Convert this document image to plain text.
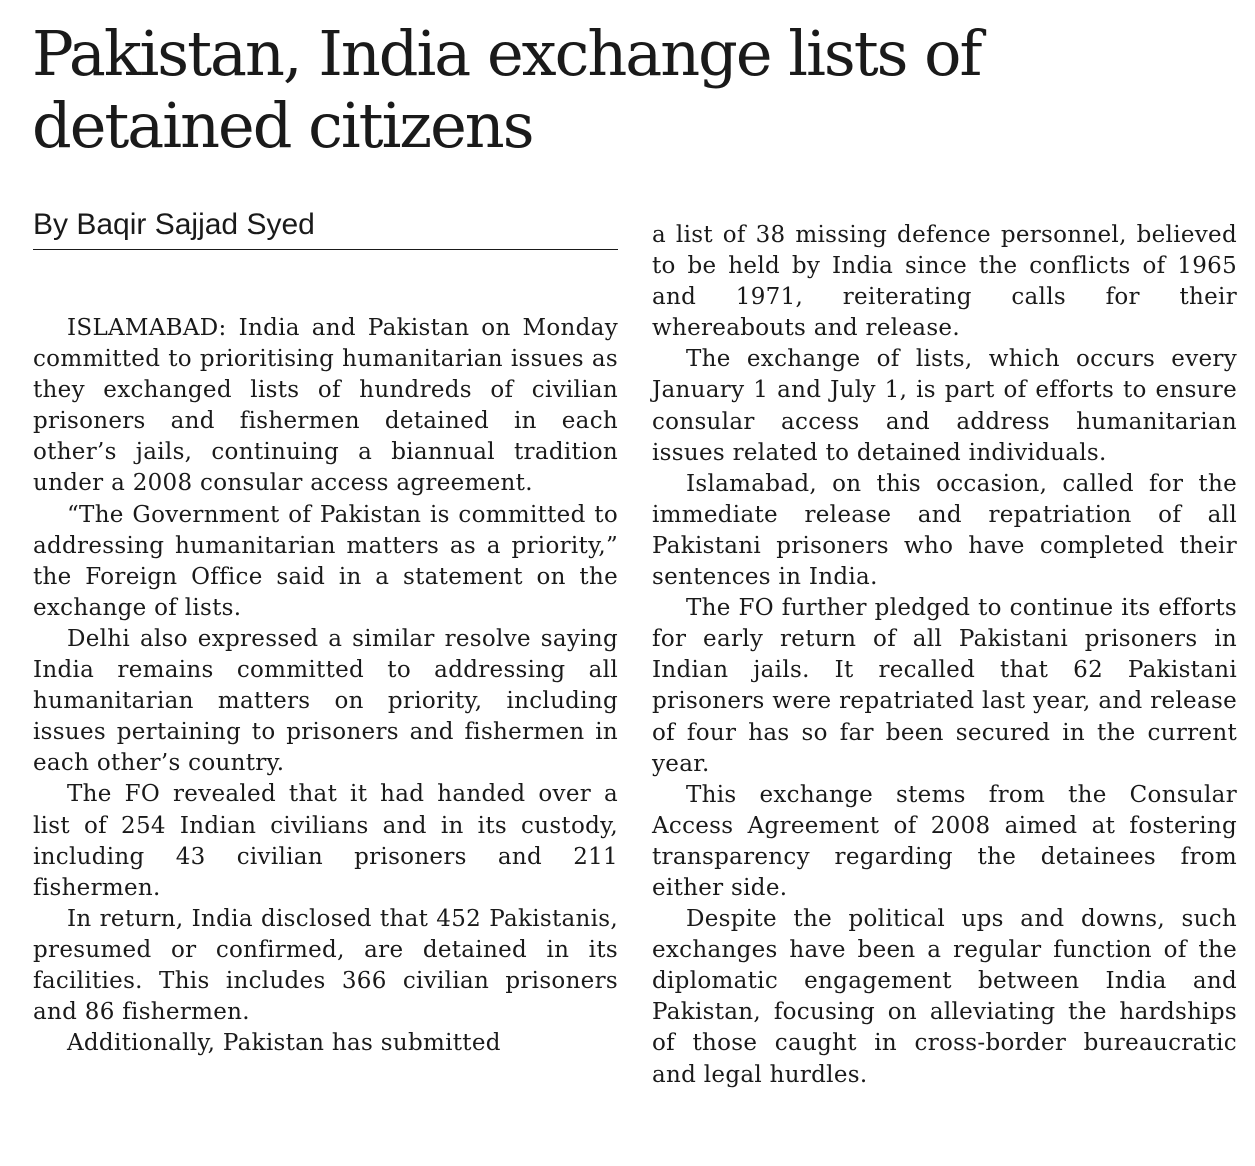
Pakistan, India exchange lists of detained citizens
By Baqir Sajjad Syed

ISLAMABAD: India and Pakistan on Monday committed to prioritising humanitarian issues as they exchanged lists of hundreds of civilian prisoners and fishermen detained in each other’s jails, continuing a biannual tradition under a 2008 consular access agreement.

“The Government of Pakistan is committed to addressing humanitarian matters as a priority,” the Foreign Office said in a statement on the exchange of lists.

Delhi also expressed a similar resolve saying India remains committed to addressing all humanitarian matters on priority, including issues pertaining to prisoners and fishermen in each other’s country.

The FO revealed that it had handed over a list of 254 Indian civilians and in its custody, including 43 civilian prisoners and 211 fishermen.

In return, India disclosed that 452 Pakistanis, presumed or confirmed, are detained in its facilities. This includes 366 civilian prisoners and 86 fishermen.

Additionally, Pakistan has submitted

a list of 38 missing defence personnel, believed to be held by India since the conflicts of 1965 and 1971, reiterating calls for their whereabouts and release.

The exchange of lists, which occurs every January 1 and July 1, is part of efforts to ensure consular access and address humanitarian issues related to detained individuals.

Islamabad, on this occasion, called for the immediate release and repatriation of all Pakistani prisoners who have completed their sentences in India.

The FO further pledged to continue its efforts for early return of all Pakistani prisoners in Indian jails. It recalled that 62 Pakistani prisoners were repatriated last year, and release of four has so far been secured in the current year.

This exchange stems from the Consular Access Agreement of 2008 aimed at fostering transparency regarding the detainees from either side.

Despite the political ups and downs, such exchanges have been a regular function of the diplomatic engagement between India and Pakistan, focusing on alleviating the hardships of those caught in cross-border bureaucratic and legal hurdles.
